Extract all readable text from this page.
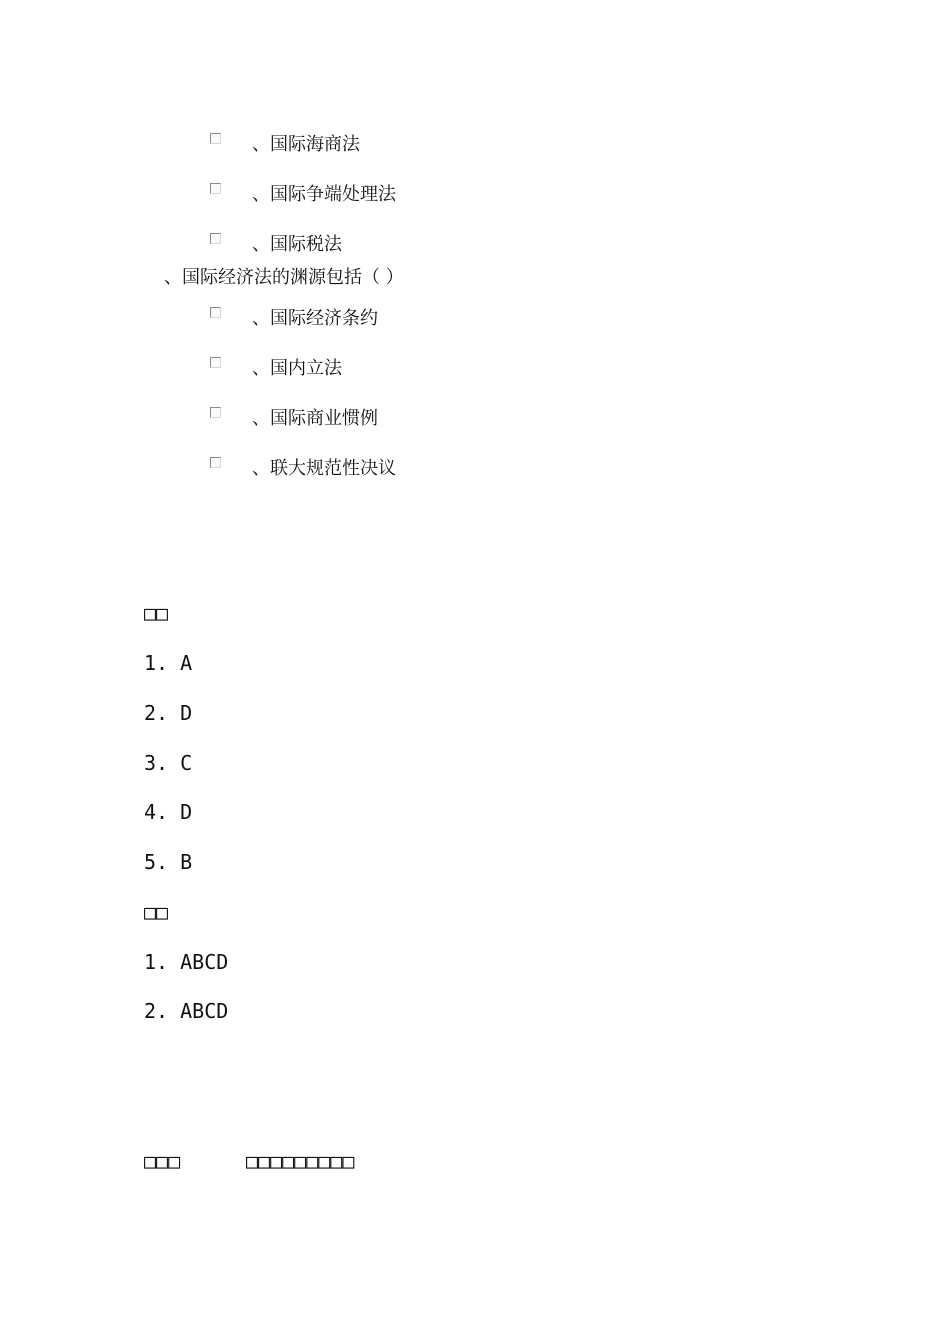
、国际海商法
、国际争端处理法
、国际税法
、国际经济法的渊源包括（ ）
、国际经济条约
、国内立法
、国际商业惯例
、联大规范性决议
□□
1. A
2. D
3. C
4. D
5. B
□□
1. ABCD
2. ABCD
□□□	□□□□□□□□□
